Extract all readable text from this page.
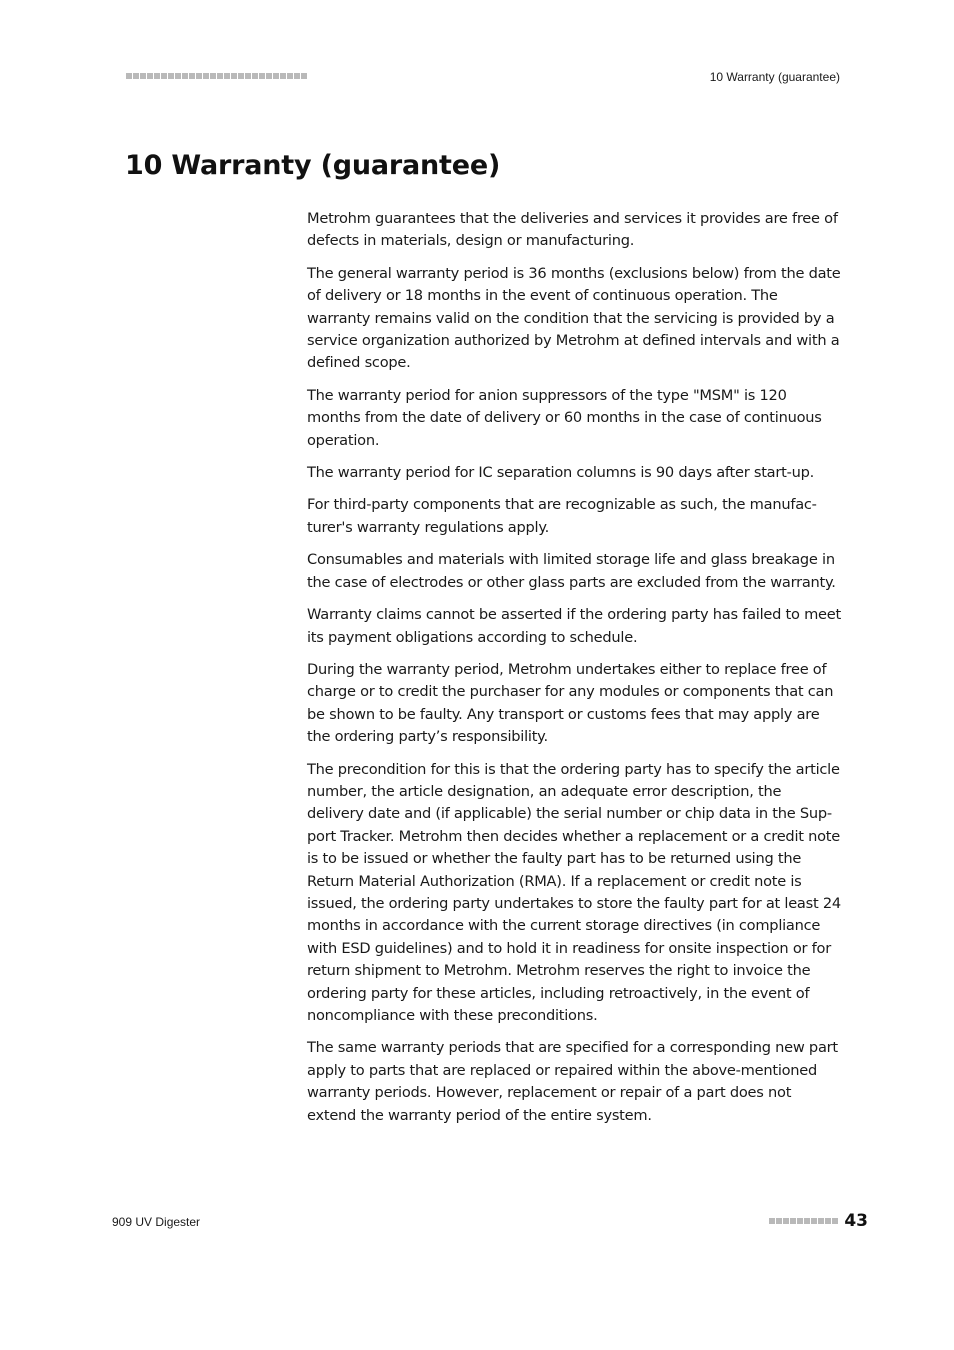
10 Warranty (guarantee)
10 Warranty (guarantee)

Metrohm guarantees that the deliveries and services it provides are free of defects in materials, design or manufacturing.

The general warranty period is 36 months (exclusions below) from the date of delivery or 18 months in the event of continuous operation. The warranty remains valid on the condition that the servicing is provided by a service organization authorized by Metrohm at defined intervals and with a defined scope.

The warranty period for anion suppressors of the type "MSM" is 120 months from the date of delivery or 60 months in the case of continuous operation.

The warranty period for IC separation columns is 90 days after start-up.

For third-party components that are recognizable as such, the manufacturer's warranty regulations apply.

Consumables and materials with limited storage life and glass breakage in the case of electrodes or other glass parts are excluded from the warranty.

Warranty claims cannot be asserted if the ordering party has failed to meet its payment obligations according to schedule.

During the warranty period, Metrohm undertakes either to replace free of charge or to credit the purchaser for any modules or components that can be shown to be faulty. Any transport or customs fees that may apply are the ordering party’s responsibility.

The precondition for this is that the ordering party has to specify the article number, the article designation, an adequate error description, the delivery date and (if applicable) the serial number or chip data in the Support Tracker. Metrohm then decides whether a replacement or a credit note is to be issued or whether the faulty part has to be returned using the Return Material Authorization (RMA). If a replacement or credit note is issued, the ordering party undertakes to store the faulty part for at least 24 months in accordance with the current storage directives (in compliance with ESD guidelines) and to hold it in readiness for onsite inspection or for return shipment to Metrohm. Metrohm reserves the right to invoice the ordering party for these articles, including retroactively, in the event of noncompliance with these preconditions.

The same warranty periods that are specified for a corresponding new part apply to parts that are replaced or repaired within the above-mentioned warranty periods. However, replacement or repair of a part does not extend the warranty period of the entire system.

909 UV Digester	43
